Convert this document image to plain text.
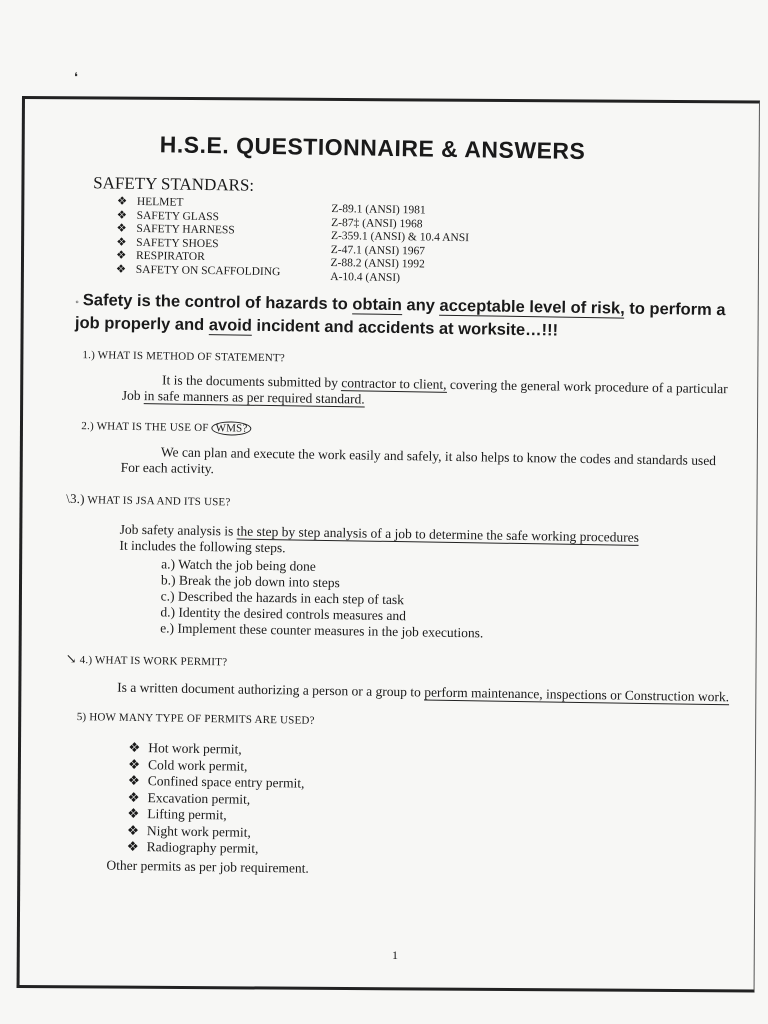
❛
H.S.E. QUESTIONNAIRE & ANSWERS
SAFETY STANDARS:
❖ HELMET
❖ SAFETY GLASS
❖ SAFETY HARNESS
❖ SAFETY SHOES
❖ RESPIRATOR
❖ SAFETY ON SCAFFOLDING
Z-89.1 (ANSI) 1981
Z-87‡ (ANSI) 1968
Z-359.1 (ANSI) & 10.4 ANSI
Z-47.1 (ANSI) 1967
Z-88.2 (ANSI) 1992
A-10.4 (ANSI)

◦ Safety is the control of hazards to obtain any acceptable level of risk, to perform a job properly and avoid incident and accidents at worksite…!!!

1.) WHAT IS METHOD OF STATEMENT?

It is the documents submitted by contractor to client, covering the general work procedure of a particular
Job in safe manners as per required standard.

2.) WHAT IS THE USE OF WMS?

We can plan and execute the work easily and safely, it also helps to know the codes and standards used
For each activity.

\3.) WHAT IS JSA AND ITS USE?

Job safety analysis is the step by step analysis of a job to determine the safe working procedures
It includes the following steps.

a.) Watch the job being done
b.) Break the job down into steps
c.) Described the hazards in each step of task
d.) Identity the desired controls measures and
e.) Implement these counter measures in the job executions.
↘ 4.) WHAT IS WORK PERMIT?

Is a written document authorizing a person or a group to perform maintenance, inspections or Construction work.

5) HOW MANY TYPE OF PERMITS ARE USED?
❖ Hot work permit,
❖ Cold work permit,
❖ Confined space entry permit,
❖ Excavation permit,
❖ Lifting permit,
❖ Night work permit,
❖ Radiography permit,

Other permits as per job requirement.

1
